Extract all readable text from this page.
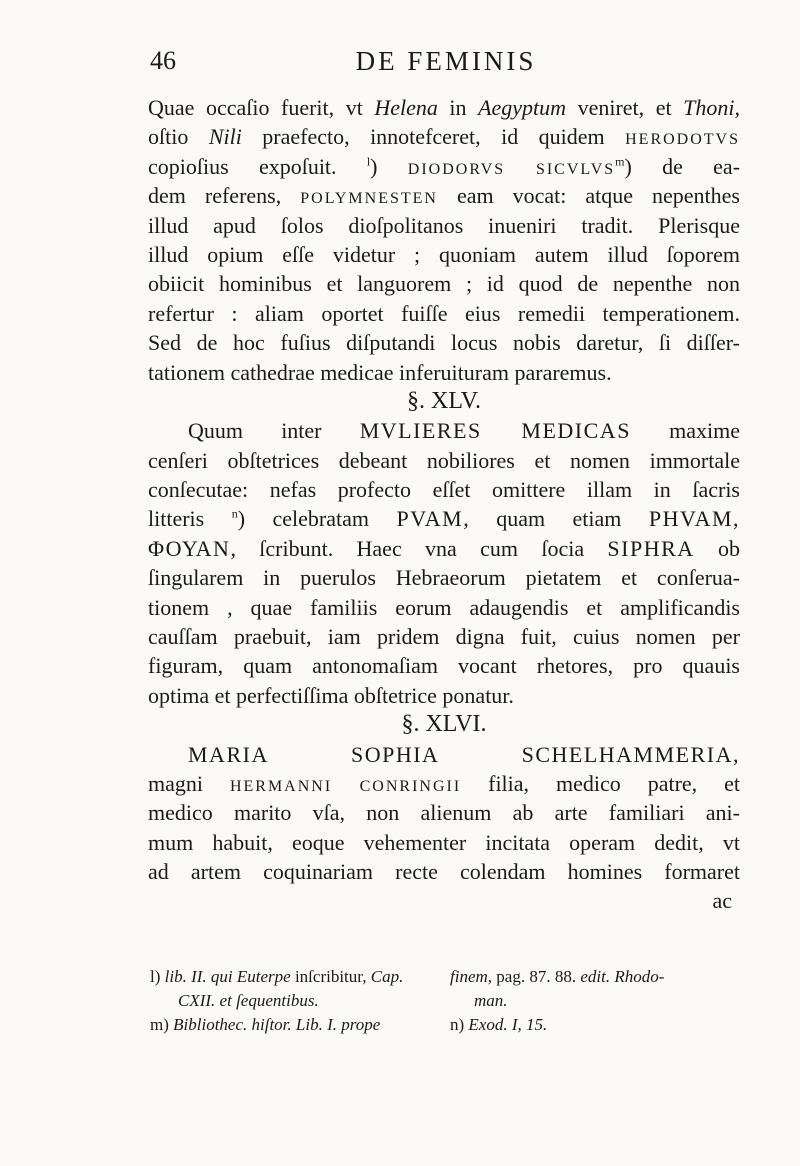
46	DE FEMINIS
Quae occaſio fuerit, vt Helena in Aegyptum veniret, et Thoni,
oſtio Nili praefecto, innotefceret, id quidem HERODOTVS
copioſius expoſuit. $^l$) DIODORVS SICVLVS$^m$) de ea-
dem referens, POLYMNESTEN eam vocat: atque nepenthes
illud apud ſolos dioſpolitanos inueniri tradit. Plerisque
illud opium eſſe videtur ; quoniam autem illud ſoporem
obiicit hominibus et languorem ; id quod de nepenthe non
refertur : aliam oportet fuiſſe eius remedii temperationem.
Sed de hoc fuſius diſputandi locus nobis daretur, ſi diſſer-
tationem cathedrae medicae inferuituram pararemus.
§. XLV.
Quum inter MVLIERES MEDICAS maxime
cenſeri obſtetrices debeant nobiliores et nomen immortale
conſecutae: nefas profecto eſſet omittere illam in ſacris
litteris $^n$) celebratam PVAM, quam etiam PHVAM,
ΦΟΥΑΝ, ſcribunt. Haec vna cum ſocia SIPHRA ob
ſingularem in puerulos Hebraeorum pietatem et conſerua-
tionem , quae familiis eorum adaugendis et amplificandis
cauſſam praebuit, iam pridem digna fuit, cuius nomen per
figuram, quam antonomaſiam vocant rhetores, pro quauis
optima et perfectiſſima obſtetrice ponatur.
§. XLVI.
MARIA SOPHIA SCHELHAMMERIA,
magni HERMANNI CONRINGII filia, medico patre, et
medico marito vſa, non alienum ab arte familiari ani-
mum habuit, eoque vehementer incitata operam dedit, vt
ad artem coquinariam recte colendam homines formaret
ac
l) lib. II. qui Euterpe inſcribitur, Cap.	finem, pag. 87. 88. edit. Rhodo-
CXII. et ſequentibus.	man.
m) Bibliothec. hiſtor. Lib. I. prope	n) Exod. I, 15.
